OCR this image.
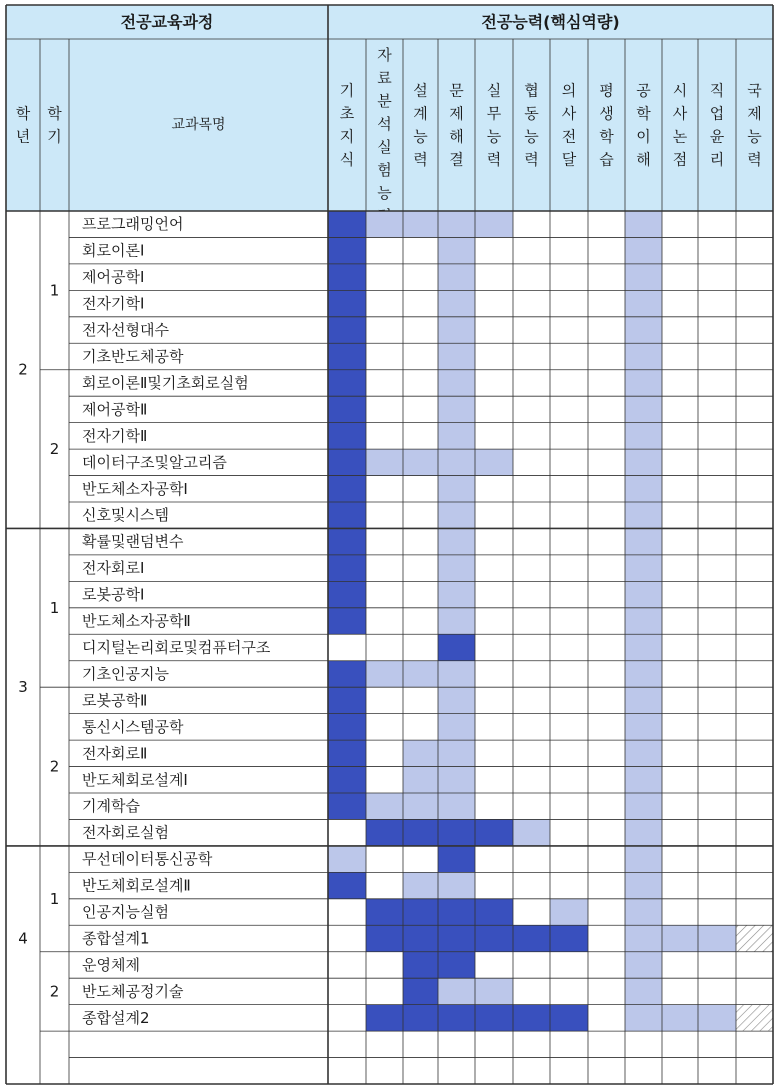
전공교육과정	전공능력(핵심역량)
교과목명
학
년
학
기
기
초
지
식
자
료
분
석
실
험
능
설
계
능
력
문
제
해
결
실
무
능
력
협
동
능
력
의
사
전
달
평
생
학
습
공
학
이
해
시
사
논
점
직
업
윤
리
국
제
능
력
프로그래밍언어
회로이론Ⅰ
제어공학Ⅰ
전자기학Ⅰ
전자선형대수
기초반도체공학
회로이론Ⅱ및기초회로실험
제어공학Ⅱ
전자기학Ⅱ
데이터구조및알고리즘
반도체소자공학Ⅰ
신호및시스템
확률및랜덤변수
전자회로Ⅰ
로봇공학Ⅰ
반도체소자공학Ⅱ
디지털논리회로및컴퓨터구조
기초인공지능
로봇공학Ⅱ
통신시스템공학
전자회로Ⅱ
반도체회로설계Ⅰ
기계학습
전자회로실험
무선데이터통신공학
반도체회로설계Ⅱ
인공지능실험
종합설계1
운영체제
반도체공정기술
종합설계2
1
2
1
2
1
2
2
3
4
